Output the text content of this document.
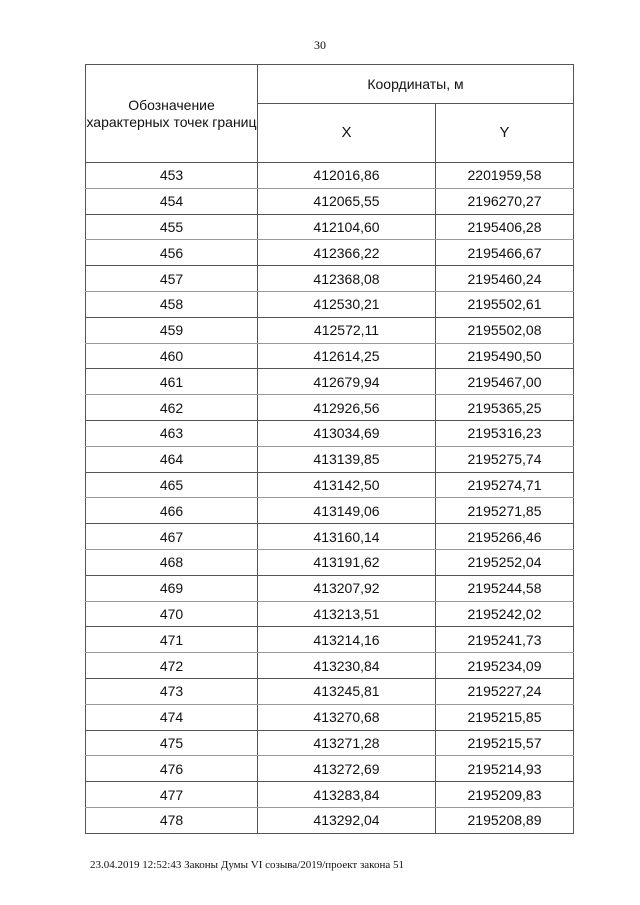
30
Обозначение характерных точек границ	Координаты, м	
	X	Y
453	412016,86	2201959,58
454	412065,55	2196270,27
455	412104,60	2195406,28
456	412366,22	2195466,67
457	412368,08	2195460,24
458	412530,21	2195502,61
459	412572,11	2195502,08
460	412614,25	2195490,50
461	412679,94	2195467,00
462	412926,56	2195365,25
463	413034,69	2195316,23
464	413139,85	2195275,74
465	413142,50	2195274,71
466	413149,06	2195271,85
467	413160,14	2195266,46
468	413191,62	2195252,04
469	413207,92	2195244,58
470	413213,51	2195242,02
471	413214,16	2195241,73
472	413230,84	2195234,09
473	413245,81	2195227,24
474	413270,68	2195215,85
475	413271,28	2195215,57
476	413272,69	2195214,93
477	413283,84	2195209,83
478	413292,04	2195208,89
23.04.2019 12:52:43 Законы Думы VI созыва/2019/проект закона 51
